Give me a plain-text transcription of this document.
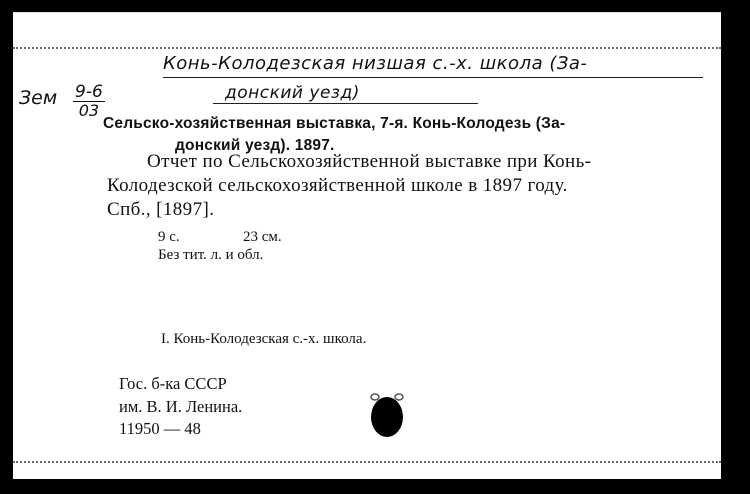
Конь-Колодезская низшая с.-х. школа (За-
донский уезд)
Зем $\frac{9-6}{03}$
Сельско-хозяйственная выставка, 7-я. Конь-Колодезь (За-
донский уезд). 1897.
Отчет по Сельскохозяйственной выставке при Конь-
Колодезской сельскохозяйственной школе в 1897 году.
Спб., [1897].
9 с.	23 см.
Без тит. л. и обл.
I. Конь-Колодезская с.-х. школа.
Гос. б-ка СССР
им. В. И. Ленина.
11950 — 48
